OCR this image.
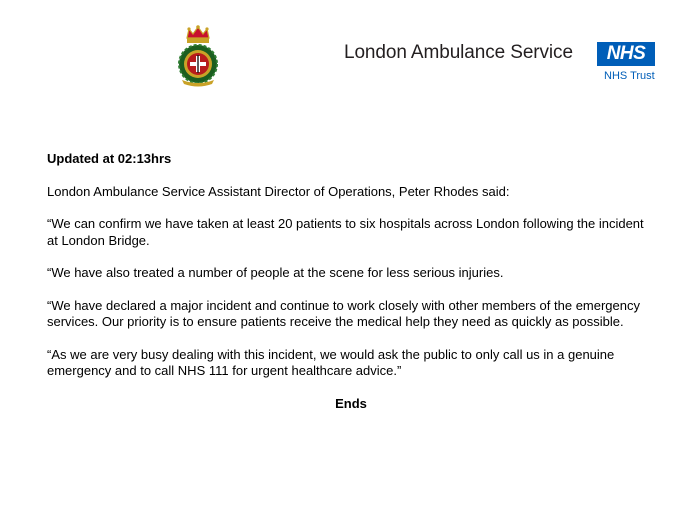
London Ambulance Service	NHS
NHS Trust

Updated at 02:13hrs

London Ambulance Service Assistant Director of Operations, Peter Rhodes said:

“We can confirm we have taken at least 20 patients to six hospitals across London following the incident at London Bridge.

“We have also treated a number of people at the scene for less serious injuries.

“We have declared a major incident and continue to work closely with other members of the emergency services. Our priority is to ensure patients receive the medical help they need as quickly as possible.

“As we are very busy dealing with this incident, we would ask the public to only call us in a genuine emergency and to call NHS 111 for urgent healthcare advice.”

Ends
